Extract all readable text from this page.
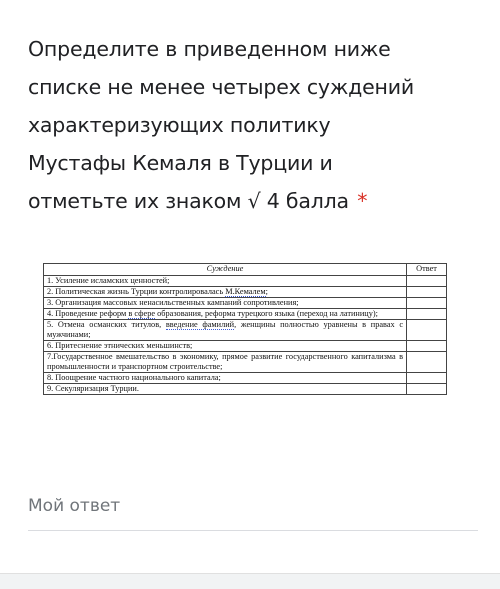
Определите в приведенном ниже
списке не менее четырех суждений
характеризующих политику
Мустафы Кемаля в Турции и
отметьте их знаком √ 4 балла *
Суждение	Ответ
1. Усиление исламских ценностей;	
2. Политическая жизнь Турции контролировалась М.Кемалем;	
3. Организация массовых ненасильственных кампаний сопротивления;	
4. Проведение реформ в сфере образования, реформа турецкого языка (переход на латиницу);	
5. Отмена османских титулов, введение фамилий, женщины полностью уравнены в правах с мужчинами;	
6. Притеснение этнических меньшинств;	
7.Государственное вмешательство в экономику, прямое развитие государственного капитализма в промышленности и транспортном строительстве;	
8. Поощрение частного национального капитала;	
9. Секуляризация Турции.	
Мой ответ
